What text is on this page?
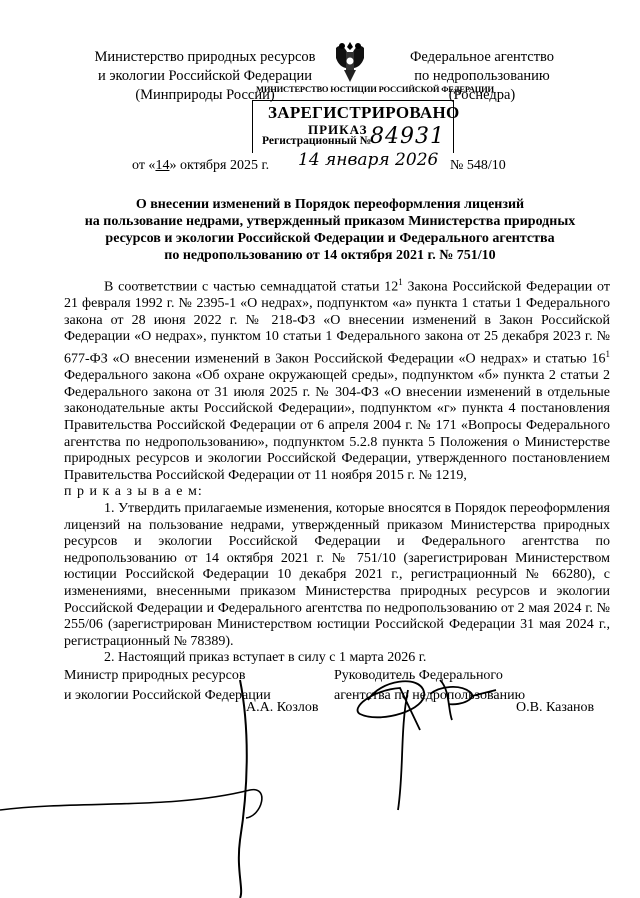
Министерство природных ресурсов
и экологии Российской Федерации
(Минприроды России)
Федеральное агентство
по недропользованию
(Роснедра)
МИНИСТЕРСТВО ЮСТИЦИИ РОССИЙСКОЙ ФЕДЕРАЦИИ
ЗАРЕГИСТРИРОВАНО
ПРИКАЗ
Регистрационный №
84931
от «14» октября 2025 г. 14 января 2026 № 548/10
О внесении изменений в Порядок переоформления лицензий
на пользование недрами, утвержденный приказом Министерства природных
ресурсов и экологии Российской Федерации и Федерального агентства
по недропользованию от 14 октября 2021 г. № 751/10

В соответствии с частью семнадцатой статьи $12^1$ Закона Российской Федерации от 21 февраля 1992 г. № 2395-1 «О недрах», подпунктом «а» пункта 1 статьи 1 Федерального закона от 28 июня 2022 г. № 218-ФЗ «О внесении изменений в Закон Российской Федерации «О недрах», пунктом 10 статьи 1 Федерального закона от 25 декабря 2023 г. № 677-ФЗ «О внесении изменений в Закон Российской Федерации «О недрах» и статью $16^1$ Федерального закона «Об охране окружающей среды», подпунктом «б» пункта 2 статьи 2 Федерального закона от 31 июля 2025 г. № 304-ФЗ «О внесении изменений в отдельные законодательные акты Российской Федерации», подпунктом «г» пункта 4 постановления Правительства Российской Федерации от 6 апреля 2004 г. № 171 «Вопросы Федерального агентства по недропользованию», подпунктом 5.2.8 пункта 5 Положения о Министерстве природных ресурсов и экологии Российской Федерации, утвержденного постановлением Правительства Российской Федерации от 11 ноября 2015 г. № 1219,

п р и к а з ы в а е м:

1. Утвердить прилагаемые изменения, которые вносятся в Порядок переоформления лицензий на пользование недрами, утвержденный приказом Министерства природных ресурсов и экологии Российской Федерации и Федерального агентства по недропользованию от 14 октября 2021 г. № 751/10 (зарегистрирован Министерством юстиции Российской Федерации 10 декабря 2021 г., регистрационный № 66280), с изменениями, внесенными приказом Министерства природных ресурсов и экологии Российской Федерации и Федерального агентства по недропользованию от 2 мая 2024 г. № 255/06 (зарегистрирован Министерством юстиции Российской Федерации 31 мая 2024 г., регистрационный № 78389).

2. Настоящий приказ вступает в силу с 1 марта 2026 г.

Министр природных ресурсов
и экологии Российской Федерации
Руководитель Федерального
агентства по недропользованию
А.А. Козлов	О.В. Казанов
